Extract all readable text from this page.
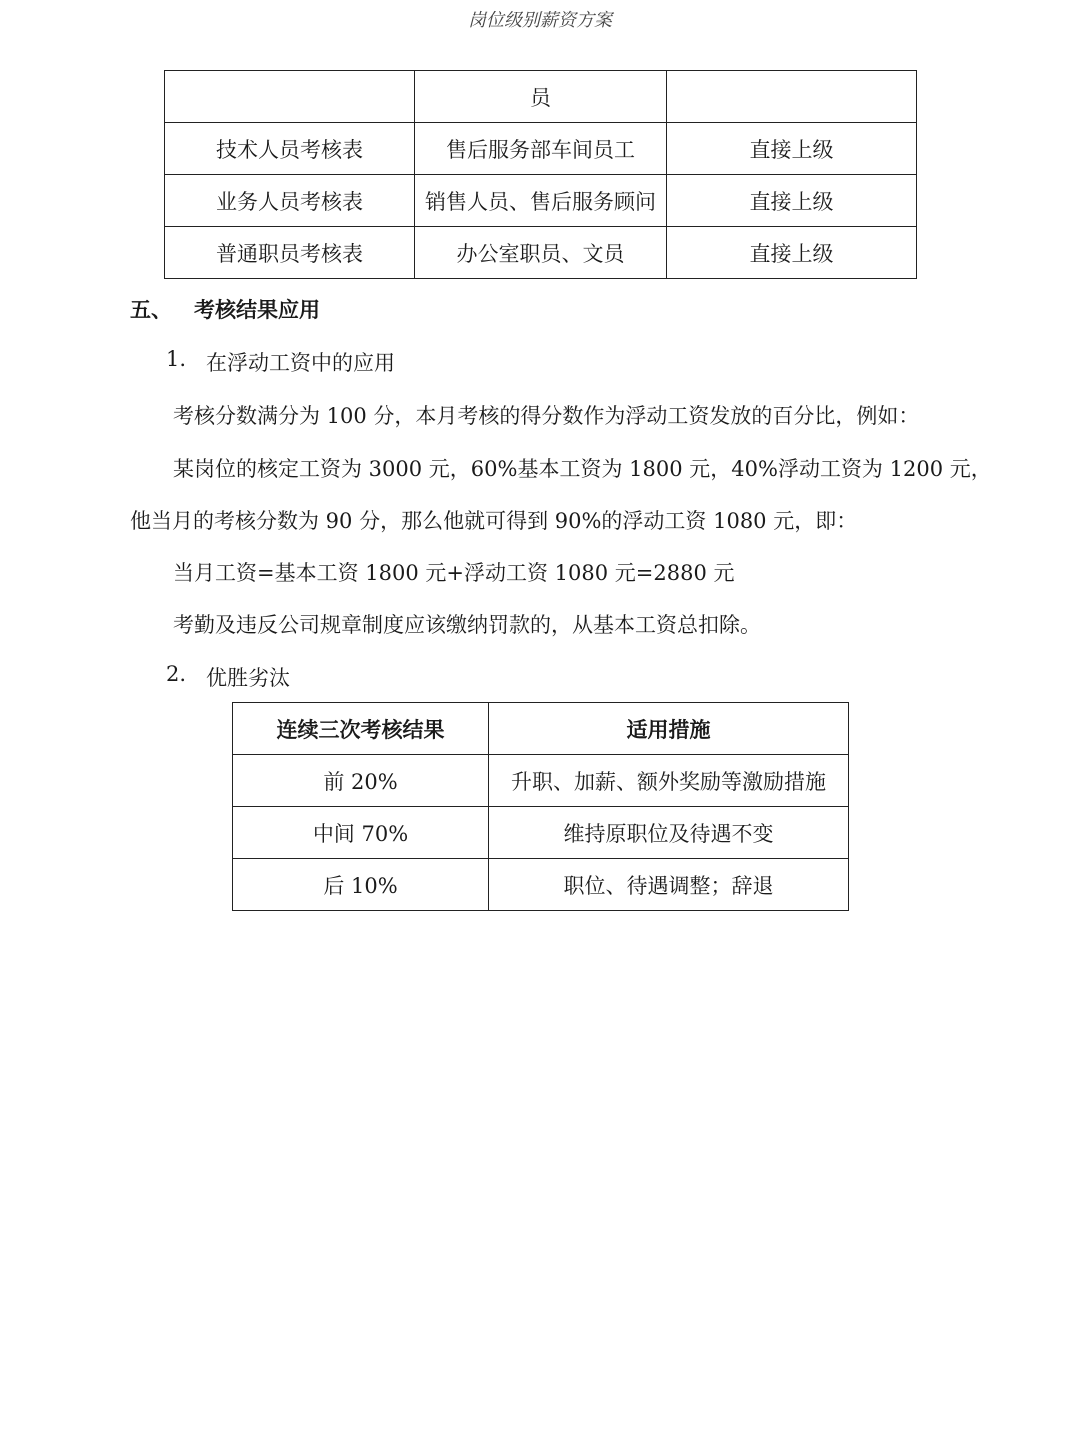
岗位级别薪资方案
	员	
技术人员考核表	售后服务部车间员工	直接上级
业务人员考核表	销售人员、售后服务顾问	直接上级
普通职员考核表	办公室职员、文员	直接上级
五、 考核结果应用
1. 在浮动工资中的应用
考核分数满分为 100 分，本月考核的得分数作为浮动工资发放的百分比，例如：
某岗位的核定工资为 3000 元，60%基本工资为 1800 元，40%浮动工资为 1200 元，
他当月的考核分数为 90 分，那么他就可得到 90%的浮动工资 1080 元，即：
当月工资=基本工资 1800 元+浮动工资 1080 元=2880 元
考勤及违反公司规章制度应该缴纳罚款的，从基本工资总扣除。
2. 优胜劣汰
连续三次考核结果	适用措施
前 20%	升职、加薪、额外奖励等激励措施
中间 70%	维持原职位及待遇不变
后 10%	职位、待遇调整；辞退
